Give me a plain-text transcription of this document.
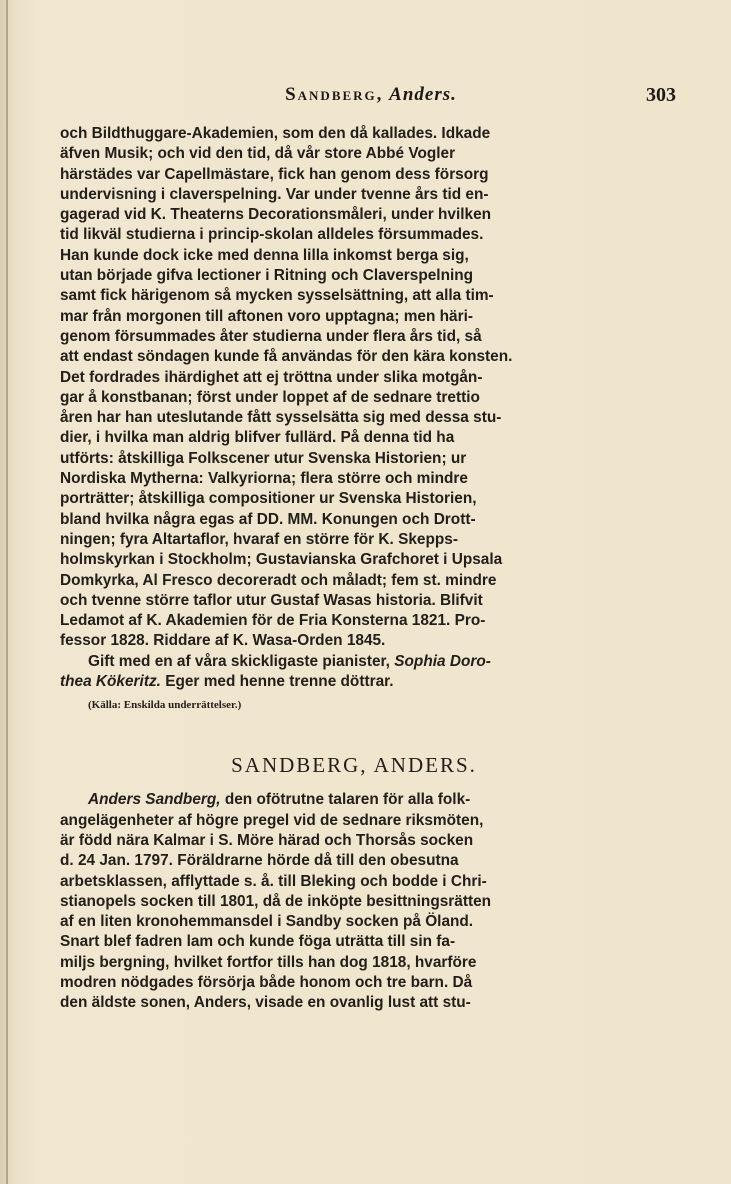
Sandberg, Anders.	303
och Bildthuggare-Akademien, som den då kallades. Idkade
äfven Musik; och vid den tid, då vår store Abbé Vogler
härstädes var Capellmästare, fick han genom dess försorg
undervisning i claverspelning. Var under tvenne års tid en-
gagerad vid K. Theaterns Decorationsmåleri, under hvilken
tid likväl studierna i princip-skolan alldeles försummades.
Han kunde dock icke med denna lilla inkomst berga sig,
utan började gifva lectioner i Ritning och Claverspelning
samt fick härigenom så mycken sysselsättning, att alla tim-
mar från morgonen till aftonen voro upptagna; men häri-
genom försummades åter studierna under flera års tid, så
att endast söndagen kunde få användas för den kära konsten.
Det fordrades ihärdighet att ej tröttna under slika motgån-
gar å konstbanan; först under loppet af de sednare trettio
åren har han uteslutande fått sysselsätta sig med dessa stu-
dier, i hvilka man aldrig blifver fullärd. På denna tid ha
utförts: åtskilliga Folkscener utur Svenska Historien; ur
Nordiska Mytherna: Valkyriorna; flera större och mindre
porträtter; åtskilliga compositioner ur Svenska Historien,
bland hvilka några egas af DD. MM. Konungen och Drott-
ningen; fyra Altartaflor, hvaraf en större för K. Skepps-
holmskyrkan i Stockholm; Gustavianska Grafchoret i Upsala
Domkyrka, Al Fresco decoreradt och måladt; fem st. mindre
och tvenne större taflor utur Gustaf Wasas historia. Blifvit
Ledamot af K. Akademien för de Fria Konsterna 1821. Pro-
fessor 1828. Riddare af K. Wasa-Orden 1845.
Gift med en af våra skickligaste pianister, Sophia Doro-
thea Kökeritz. Eger med henne trenne döttrar.
(Källa: Enskilda underrättelser.)
SANDBERG, ANDERS.
Anders Sandberg, den ofötrutne talaren för alla folk-
angelägenheter af högre pregel vid de sednare riksmöten,
är född nära Kalmar i S. Möre härad och Thorsås socken
d. 24 Jan. 1797. Föräldrarne hörde då till den obesutna
arbetsklassen, afflyttade s. å. till Bleking och bodde i Chri-
stianopels socken till 1801, då de inköpte besittningsrätten
af en liten kronohemmansdel i Sandby socken på Öland.
Snart blef fadren lam och kunde föga uträtta till sin fa-
miljs bergning, hvilket fortfor tills han dog 1818, hvarföre
modren nödgades försörja både honom och tre barn. Då
den äldste sonen, Anders, visade en ovanlig lust att stu-
